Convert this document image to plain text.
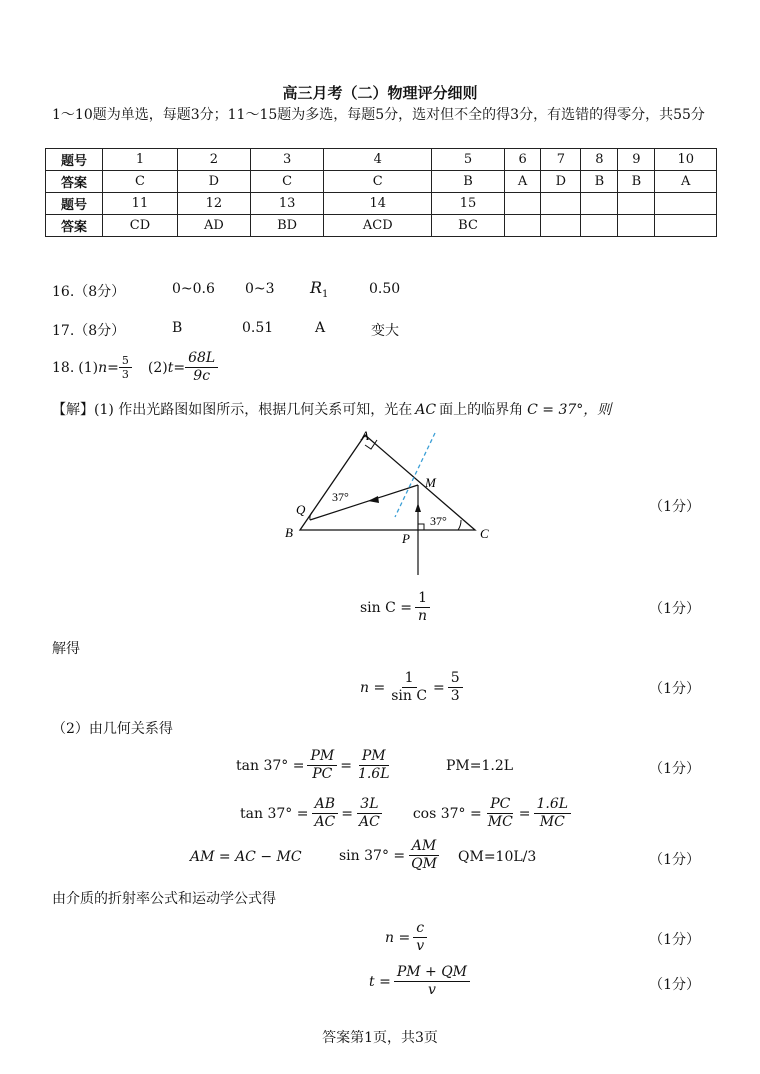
高三月考（二）物理评分细则
1～10题为单选，每题3分；11～15题为多选，每题5分，选对但不全的得3分，有选错的得零分，共55分
题号	1	2	3	4	5	6	7	8	9	10
答案	C	D	C	C	B	A	D	B	B	A
题号	11	12	13	14	15					
答案	CD	AD	BD	ACD	BC					
16.（8分）	0~0.6 0~3 $R_1$	0.50
17.（8分）	B	0.51	A	变大
18. (1) $n = \frac{5}{3} (2) t = \frac{68L}{9c}$
【解】(1) 作出光路图如图所示，根据几何关系可知，光在 AC 面上的临界角 C = 37°，则
A
B	C
M
P
Q
37°
37°
（1分）
$\sin C = \frac{1}{n}$	（1分）
解得
$n = \frac{1}{\text{sin C}} = \frac{5}{3}$	（1分）
（2）由几何关系得
$\tan 37^\circ = \frac{PM}{PC} = \frac{PM}{1.6L}$	PM=1.2L	（1分）
$\tan 37^\circ = \frac{AB}{AC} = \frac{3L}{AC}$ $\cos 37^\circ = \frac{PC}{MC} = \frac{1.6L}{MC}$
AM = AC − MC	$\sin 37^\circ = \frac{AM}{QM} QM=10L/3$	（1分）
由介质的折射率公式和运动学公式得
$n = \frac{c}{v}$	（1分）
$t = \frac{PM + QM}{v}$	（1分）
答案第1页，共3页
